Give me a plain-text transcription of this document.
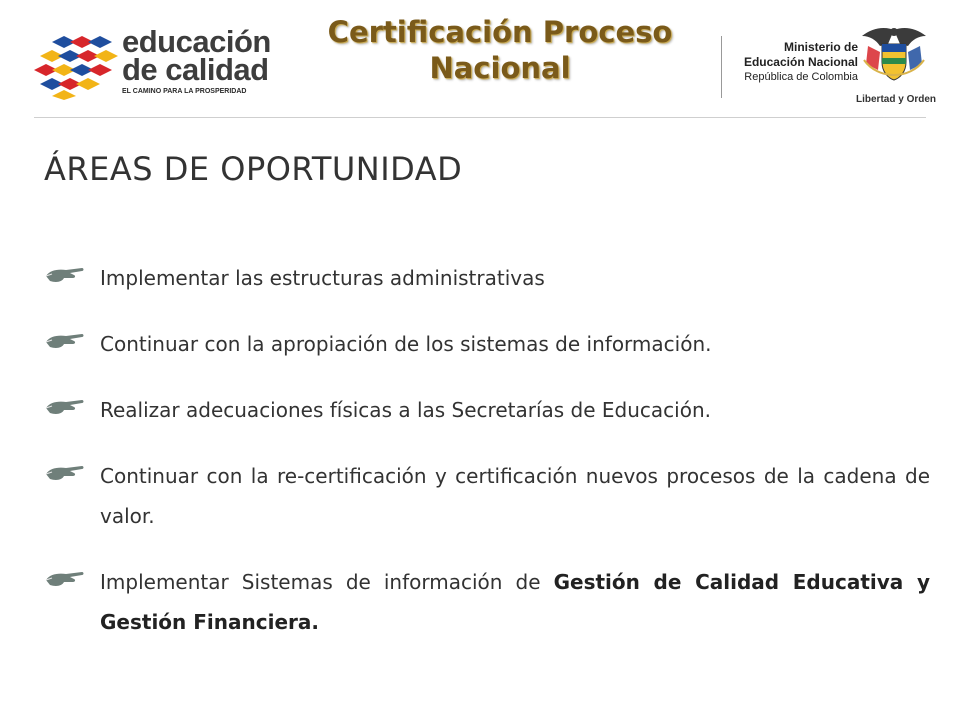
educación
de calidad
EL CAMINO PARA LA PROSPERIDAD
Certificación Proceso
Nacional
Ministerio de
Educación Nacional
República de Colombia
Libertad y Orden
ÁREAS DE OPORTUNIDAD
Implementar las estructuras administrativas
Continuar con la apropiación de los sistemas de información.
Realizar adecuaciones físicas a las Secretarías de Educación.
Continuar con la re-certificación y certificación nuevos procesos de la cadena de valor.
Implementar Sistemas de información de Gestión de Calidad Educativa y Gestión Financiera.
